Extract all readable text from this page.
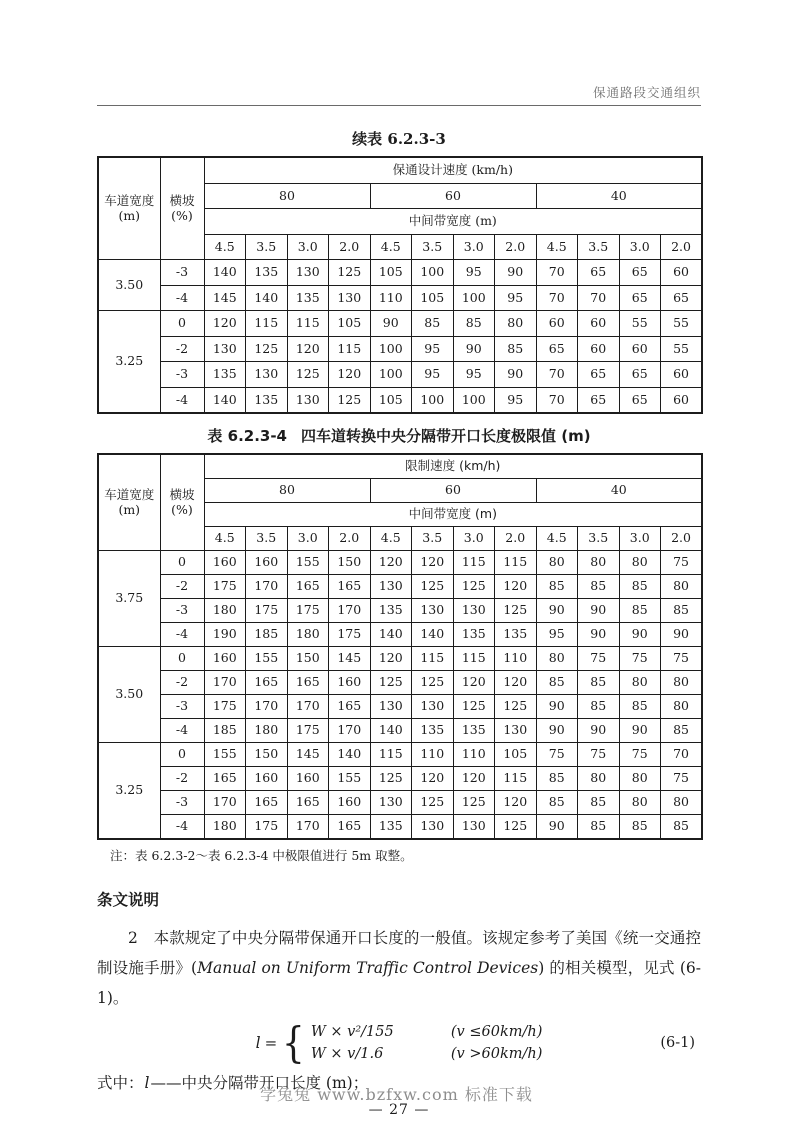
保通路段交通组织
续表 6.2.3-3
车道宽度
(m)

横坡
(%)
	保通设计速度 (km/h)
		80				60				40			
		中间带宽度 (m)											
		4.5	3.5	3.0	2.0	4.5	3.5	3.0	2.0	4.5	3.5	3.0	2.0
3.50	-3	140	135	130	125	105	100	95	90	70	65	65	60
	-4	145	140	135	130	110	105	100	95	70	70	65	65
3.25	0	120	115	115	105	90	85	85	80	60	60	55	55
	-2	130	125	120	115	100	95	90	85	65	60	60	55
	-3	135	130	125	120	100	95	95	90	70	65	65	60
	-4	140	135	130	125	105	100	100	95	70	65	65	60
表 6.2.3-4 四车道转换中央分隔带开口长度极限值 (m)
车道宽度
(m)

横坡
(%)
	限制速度 (km/h)
		80				60				40			
		中间带宽度 (m)											
		4.5	3.5	3.0	2.0	4.5	3.5	3.0	2.0	4.5	3.5	3.0	2.0
3.75	0	160	160	155	150	120	120	115	115	80	80	80	75
	-2	175	170	165	165	130	125	125	120	85	85	85	80
	-3	180	175	175	170	135	130	130	125	90	90	85	85
	-4	190	185	180	175	140	140	135	135	95	90	90	90
3.50	0	160	155	150	145	120	115	115	110	80	75	75	75
	-2	170	165	165	160	125	125	120	120	85	85	80	80
	-3	175	170	170	165	130	130	125	125	90	85	85	80
	-4	185	180	175	170	140	135	135	130	90	90	90	85
3.25	0	155	150	145	140	115	110	110	105	75	75	75	70
	-2	165	160	160	155	125	120	120	115	85	80	80	75
	-3	170	165	165	160	130	125	125	120	85	85	80	80
	-4	180	175	170	165	135	130	130	125	90	85	85	85
注：表 6.2.3-2～表 6.2.3-4 中极限值进行 5m 取整。
条文说明

2　本款规定了中央分隔带保通开口长度的一般值。该规定参考了美国《统一交通控制设施手册》(Manual on Uniform Traffic Control Devices) 的相关模型，见式 (6-1)。

l = { W × v²/155	(v ≤60km/h)
W × v/1.6	(v >60km/h)
(6-1)

式中：l——中央分隔带开口长度 (m)；

— 27 —
学兔兔 www.bzfxw.com 标准下载
